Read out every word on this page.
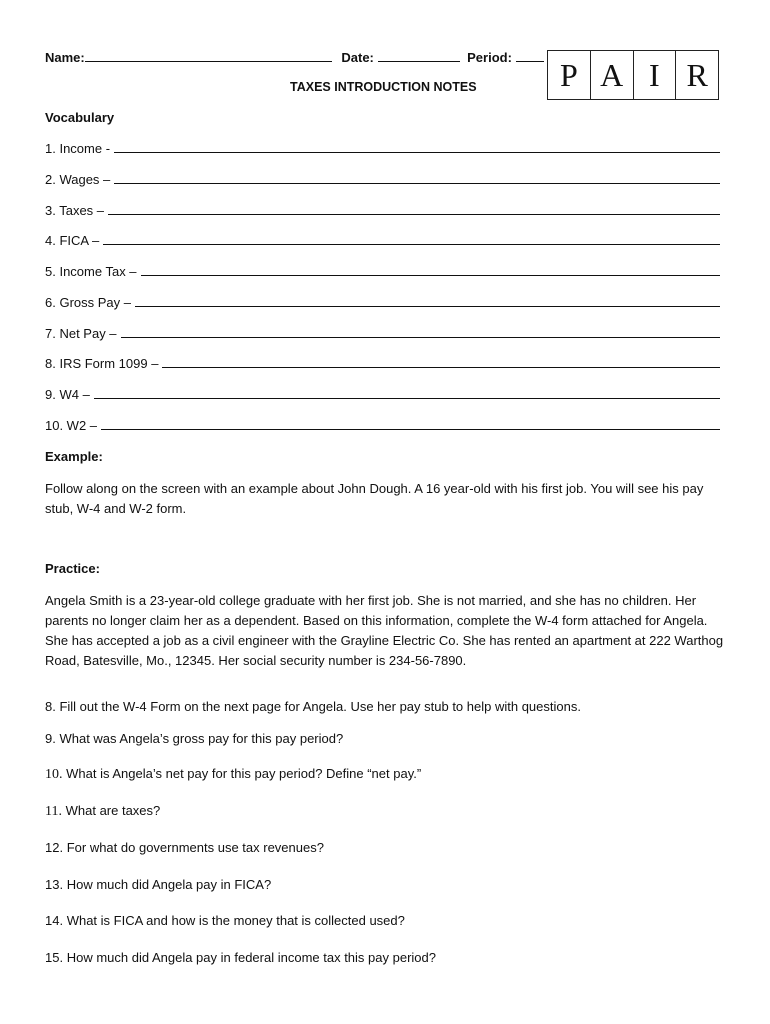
Name:	Date:	Period:	P A I R
TAXES INTRODUCTION NOTES
Vocabulary
1. Income -
2. Wages –
3. Taxes –
4. FICA –
5. Income Tax –
6. Gross Pay –
7. Net Pay –
8. IRS Form 1099 –
9. W4 –
10. W2 –
Example:
Follow along on the screen with an example about John Dough. A 16 year-old with his first job. You will see his pay stub, W-4 and W-2 form.
Practice:
Angela Smith is a 23-year-old college graduate with her first job. She is not married, and she has no children. Her parents no longer claim her as a dependent. Based on this information, complete the W-4 form attached for Angela. She has accepted a job as a civil engineer with the Grayline Electric Co. She has rented an apartment at 222 Warthog Road, Batesville, Mo., 12345. Her social security number is 234-56-7890.
8. Fill out the W-4 Form on the next page for Angela. Use her pay stub to help with questions.
9. What was Angela’s gross pay for this pay period?
10. What is Angela’s net pay for this pay period? Define “net pay.”
11. What are taxes?
12. For what do governments use tax revenues?
13. How much did Angela pay in FICA?
14. What is FICA and how is the money that is collected used?
15. How much did Angela pay in federal income tax this pay period?
